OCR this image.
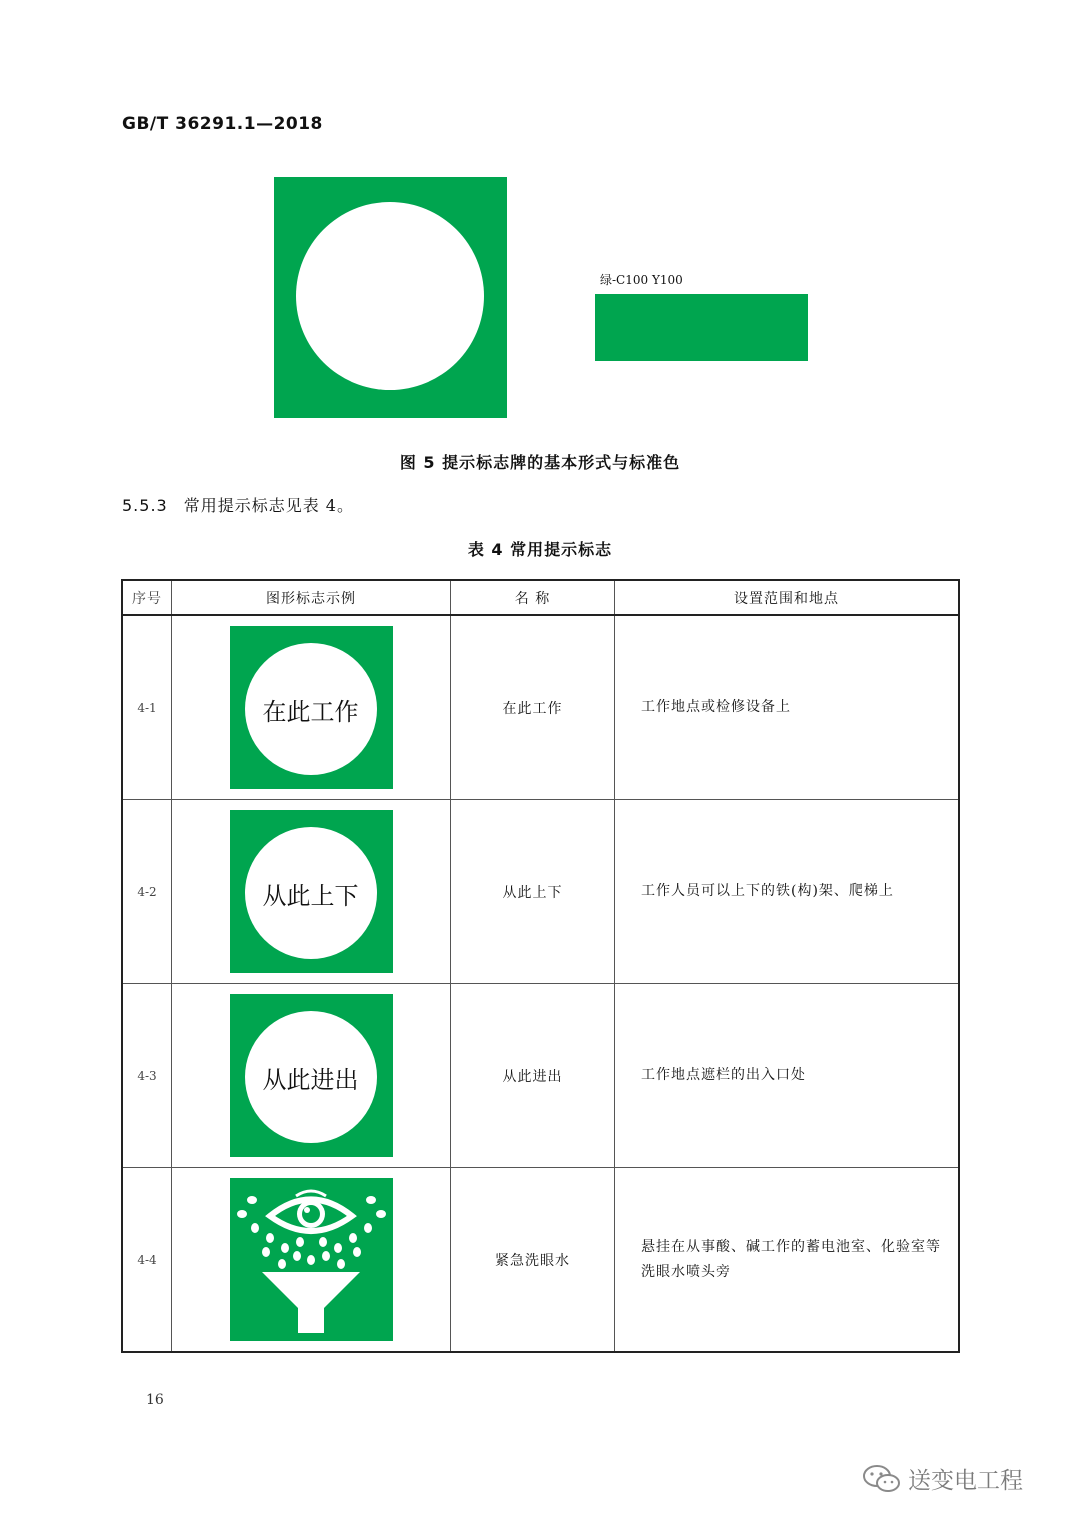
GB/T 36291.1—2018
绿-C100 Y100
图 5 提示标志牌的基本形式与标准色
5.5.3 常用提示标志见表 4。
表 4 常用提示标志
序号	图形标志示例	名 称	设置范围和地点
4-1	在此工作	在此工作	工作地点或检修设备上
4-2	从此上下	从此上下	工作人员可以上下的铁(构)架、爬梯上
4-3	从此进出	从此进出	工作地点遮栏的出入口处
4-4		紧急洗眼水	悬挂在从事酸、碱工作的蓄电池室、化验室等洗眼水喷头旁
16
送变电工程
